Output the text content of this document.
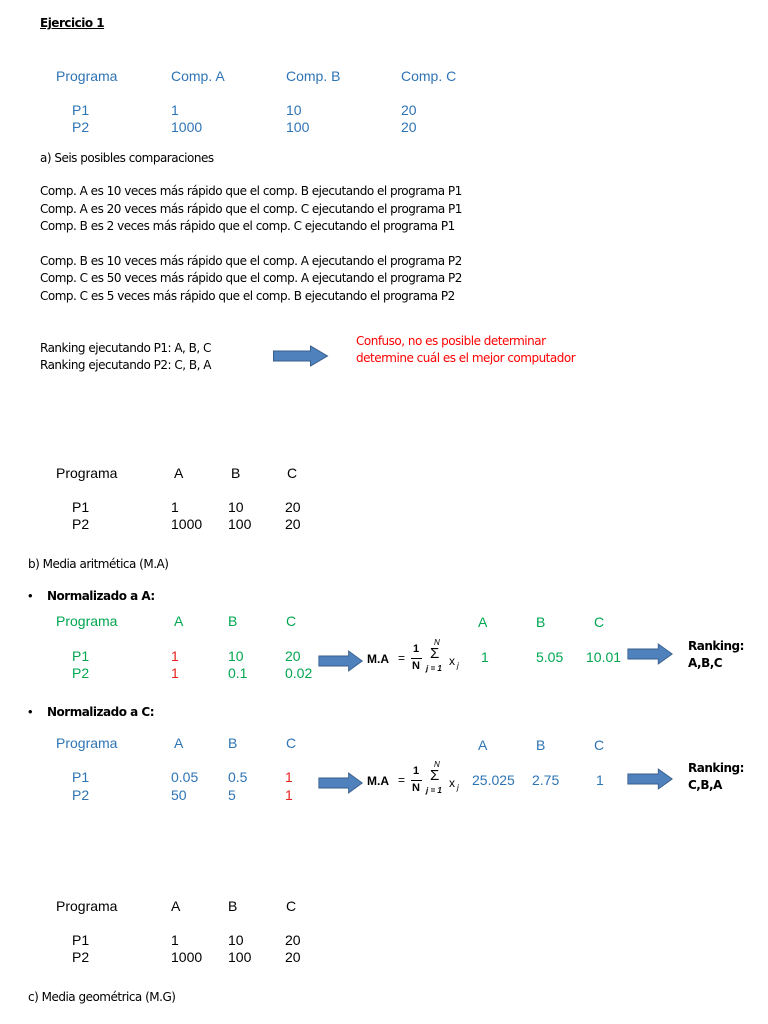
Ejercicio 1
Programa	Comp. A	Comp. B	Comp. C
P1	1	10	20
P2	1000	100	20
a) Seis posibles comparaciones
Comp. A es 10 veces más rápido que el comp. B ejecutando el programa P1
Comp. A es 20 veces más rápido que el comp. C ejecutando el programa P1
Comp. B es 2 veces más rápido que el comp. C ejecutando el programa P1
Comp. B es 10 veces más rápido que el comp. A ejecutando el programa P2
Comp. C es 50 veces más rápido que el comp. A ejecutando el programa P2
Comp. C es 5 veces más rápido que el comp. B ejecutando el programa P2
Ranking ejecutando P1: A, B, C
Ranking ejecutando P2: C, B, A
Confuso, no es posible determinar
determine cuál es el mejor computador
Programa	A	B	C
P1	1	10	20
P2	1000 100 20
b) Media aritmética (M.A)
• Normalizado a A:
Programa	A	B	C
P1	1	10	20
P2	1	0.1	0.02
M.A =
1
N
N
Σ
j = 1
x j
A	B	C
1	5.05 10.01
Ranking:
A,B,C
• Normalizado a C:
Programa	A	B	C
P1	0.05 0.5	1
P2	50	5	1
M.A =
1
N
N
Σ
j = 1
x j
A	B	C
25.025 2.75	1
Ranking:
C,B,A
Programa	A	B	C
P1	1	10	20
P2	1000 100 20
c) Media geométrica (M.G)
